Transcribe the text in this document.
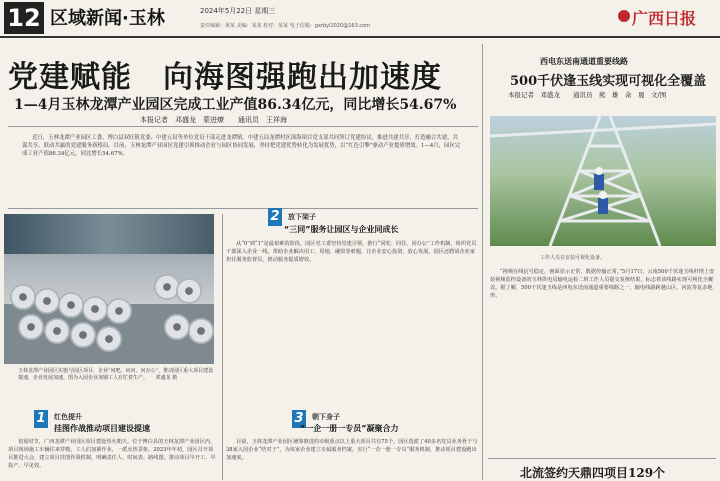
12 区域新闻·玉林	2024年5月22日 星期三
责任编辑：黄某 美编：某某 校对：某某 电子信箱：gxrbyl2020@163.com	广西日报
党建赋能　向海图强跑出加速度
1—4月玉林龙潭产业园区完成工业产值86.34亿元，同比增长54.67%
本报记者　邓盛龙　蒙进燎　　通讯员　王祥海
近日，玉林龙潭产业园区工委、博白县双旺镇党委、中建五局等单位党员干部走进龙潭镇、中建五局龙潭村区深海项目党支部共同签订党建协议，推进共建共享，打造融合共建、共谋共享、联动共赢的党建服务新格局。目前，玉林龙潭产业园区党建引领推动企业与园区协同发展，坚持把党建优势转化为发展优势，以“红色引擎”驱动产业提质增效。1—4月，园区完成工业产值86.34亿元，同比增长54.67%。
玉林龙潭产业园区实施与园区项目，企业“问吧、问问、问办公”，推动园区重大项目建设提速，企业发展加速。图为入园企业加钢工人在忙着生产。　　邓盛龙 摄
1	红色提升
挂图作战推动项目建设提速
初夏时节，广西龙潭产业园区项目建设热火朝天。位于博白县的玉林龙潭产业园区内，项目现场施工车辆往来穿梭，工人们加紧作业，一派火热景象。2023年年初，园区召开项目推进大会，建立项目挂图作战机制，明确责任人、时间表、路线图，推动项目早开工、早投产、早见效。
2	放下架子
“三同”服务让园区与企业同成长
从“0”到“1”是最艰难的阶段。园区党工委坚持党建引领，推行“同吃、同住、同办公”工作机制，组织党员干部深入企业一线，帮助企业解决用工、用地、融资等难题，让企业安心投资、放心发展。园区还聘请企业家担任服务监督员，推动服务提质增效。
3	朝下身子
“一企一册一专员”凝聚合力
目前，玉林龙潭产业园区统筹推进的市级重点以上重大项目共有75个。园区选派了40多名党员业务骨干与38家入园企业“结对子”，为每家企业建立专属服务档案，实行“一企一册一专员”服务机制，推动项目建设跑出加速度。
西电东送南通道重要线路
500千伏逢玉线实现可视化全覆盖
本报记者　邓盛龙　　通讯员　熊　雄　余　晟　文/图
工作人员在安装可视化设备。
“视频在线信号稳定，画面显示正常，数据传输正常。”5月17日，云南500千伏逢玉线杆塔上安装视频监控设备的玉林供电局输电运检二班工作人员提交复核结果，标志着该线路实现可视化全覆盖。据了解，500千伏逢玉线是西电东送南通道重要线路之一，输电线路跨越山区、河流等复杂地形。
北流签约天鼎四项目129个
